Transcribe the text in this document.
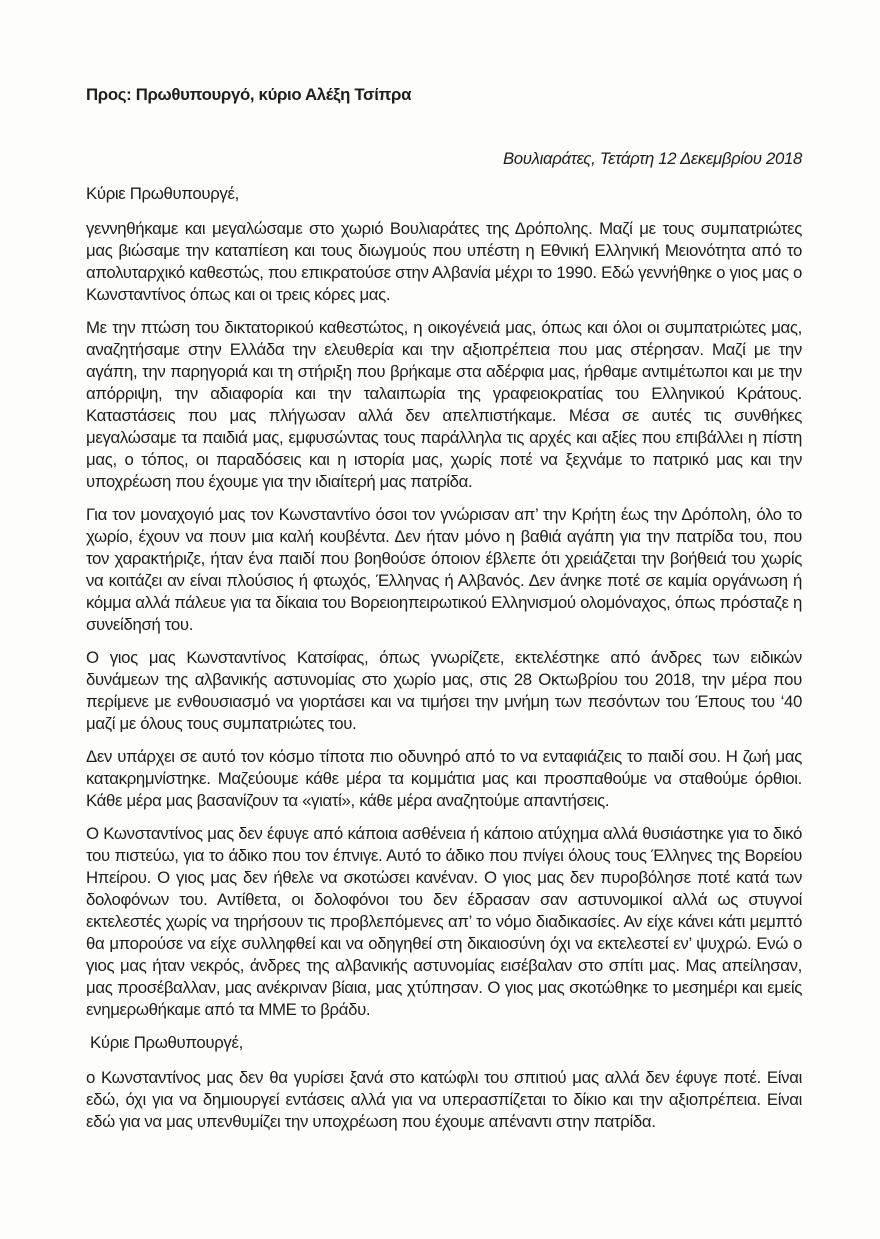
Προς: Πρωθυπουργό, κύριο Αλέξη Τσίπρα
Βουλιαράτες, Τετάρτη 12 Δεκεμβρίου 2018
Κύριε Πρωθυπουργέ,

γεννηθήκαμε και μεγαλώσαμε στο χωριό Βουλιαράτες της Δρόπολης. Μαζί με τους συμπατριώτες μας βιώσαμε την καταπίεση και τους διωγμούς που υπέστη η Εθνική Ελληνική Μειονότητα από το απολυταρχικό καθεστώς, που επικρατούσε στην Αλβανία μέχρι το 1990. Εδώ γεννήθηκε ο γιος μας ο Κωνσταντίνος όπως και οι τρεις κόρες μας.

Με την πτώση του δικτατορικού καθεστώτος, η οικογένειά μας, όπως και όλοι οι συμπατριώτες μας, αναζητήσαμε στην Ελλάδα την ελευθερία και την αξιοπρέπεια που μας στέρησαν. Μαζί με την αγάπη, την παρηγοριά και τη στήριξη που βρήκαμε στα αδέρφια μας, ήρθαμε αντιμέτωποι και με την απόρριψη, την αδιαφορία και την ταλαιπωρία της γραφειοκρατίας του Ελληνικού Κράτους. Καταστάσεις που μας πλήγωσαν αλλά δεν απελπιστήκαμε. Μέσα σε αυτές τις συνθήκες μεγαλώσαμε τα παιδιά μας, εμφυσώντας τους παράλληλα τις αρχές και αξίες που επιβάλλει η πίστη μας, ο τόπος, οι παραδόσεις και η ιστορία μας, χωρίς ποτέ να ξεχνάμε το πατρικό μας και την υποχρέωση που έχουμε για την ιδιαίτερή μας πατρίδα.

Για τον μοναχογιό μας τον Κωνσταντίνο όσοι τον γνώρισαν απ’ την Κρήτη έως την Δρόπολη, όλο το χωρίο, έχουν να πουν μια καλή κουβέντα. Δεν ήταν μόνο η βαθιά αγάπη για την πατρίδα του, που τον χαρακτήριζε, ήταν ένα παιδί που βοηθούσε όποιον έβλεπε ότι χρειάζεται την βοήθειά του χωρίς να κοιτάζει αν είναι πλούσιος ή φτωχός, Έλληνας ή Αλβανός. Δεν άνηκε ποτέ σε καμία οργάνωση ή κόμμα αλλά πάλευε για τα δίκαια του Βορειοηπειρωτικού Ελληνισμού ολομόναχος, όπως πρόσταζε η συνείδησή του.

Ο γιος μας Κωνσταντίνος Κατσίφας, όπως γνωρίζετε, εκτελέστηκε από άνδρες των ειδικών δυνάμεων της αλβανικής αστυνομίας στο χωρίο μας, στις 28 Οκτωβρίου του 2018, την μέρα που περίμενε με ενθουσιασμό να γιορτάσει και να τιμήσει την μνήμη των πεσόντων του Έπους του ‘40 μαζί με όλους τους συμπατριώτες του.

Δεν υπάρχει σε αυτό τον κόσμο τίποτα πιο οδυνηρό από το να ενταφιάζεις το παιδί σου. Η ζωή μας κατακρημνίστηκε. Μαζεύουμε κάθε μέρα τα κομμάτια μας και προσπαθούμε να σταθούμε όρθιοι. Κάθε μέρα μας βασανίζουν τα «γιατί», κάθε μέρα αναζητούμε απαντήσεις.

Ο Κωνσταντίνος μας δεν έφυγε από κάποια ασθένεια ή κάποιο ατύχημα αλλά θυσιάστηκε για το δικό του πιστεύω, για το άδικο που τον έπνιγε. Αυτό το άδικο που πνίγει όλους τους Έλληνες της Βορείου Ηπείρου. Ο γιος μας δεν ήθελε να σκοτώσει κανέναν. Ο γιος μας δεν πυροβόλησε ποτέ κατά των δολοφόνων του. Αντίθετα, οι δολοφόνοι του δεν έδρασαν σαν αστυνομικοί αλλά ως στυγνοί εκτελεστές χωρίς να τηρήσουν τις προβλεπόμενες απ’ το νόμο διαδικασίες. Αν είχε κάνει κάτι μεμπτό θα μπορούσε να είχε συλληφθεί και να οδηγηθεί στη δικαιοσύνη όχι να εκτελεστεί εν’ ψυχρώ. Ενώ ο γιος μας ήταν νεκρός, άνδρες της αλβανικής αστυνομίας εισέβαλαν στο σπίτι μας. Μας απείλησαν, μας προσέβαλλαν, μας ανέκριναν βίαια, μας χτύπησαν. Ο γιος μας σκοτώθηκε το μεσημέρι και εμείς ενημερωθήκαμε από τα ΜΜΕ το βράδυ.

Κύριε Πρωθυπουργέ,

ο Κωνσταντίνος μας δεν θα γυρίσει ξανά στο κατώφλι του σπιτιού μας αλλά δεν έφυγε ποτέ. Είναι εδώ, όχι για να δημιουργεί εντάσεις αλλά για να υπερασπίζεται το δίκιο και την αξιοπρέπεια. Είναι εδώ για να μας υπενθυμίζει την υποχρέωση που έχουμε απέναντι στην πατρίδα.
